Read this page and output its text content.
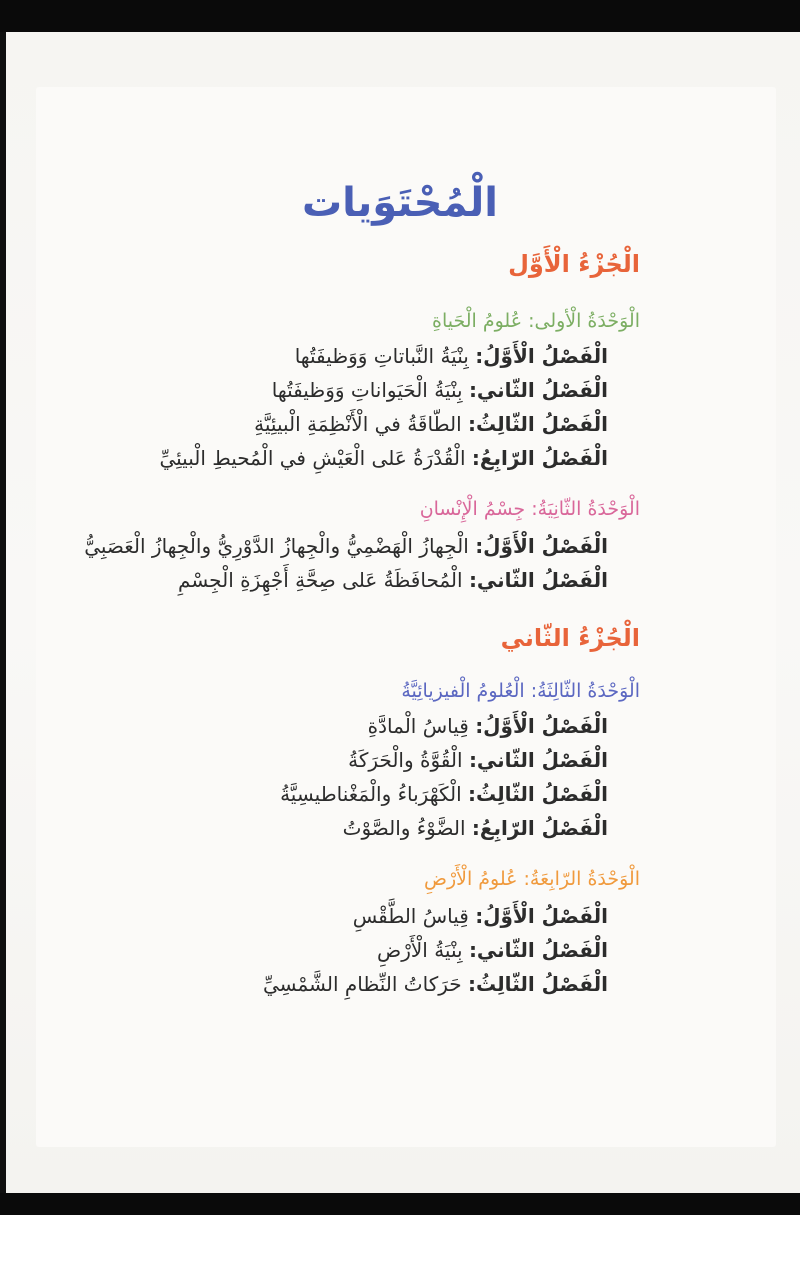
الْمُحْتَوَيات
الْجُزْءُ الْأَوَّل
الْوَحْدَةُ الْأولى: عُلومُ الْحَياةِ
الْفَصْلُ الْأَوَّلُ: بِنْيَةُ النَّباتاتِ وَوَظيفَتُها
الْفَصْلُ الثّاني: بِنْيَةُ الْحَيَواناتِ وَوَظيفَتُها
الْفَصْلُ الثّالِثُ: الطّاقَةُ في الْأَنْظِمَةِ الْبيئِيَّةِ
الْفَصْلُ الرّابِعُ: الْقُدْرَةُ عَلى الْعَيْشِ في الْمُحيطِ الْبيئِيِّ
الْوَحْدَةُ الثّانِيَةُ: جِسْمُ الْإِنْسانِ
الْفَصْلُ الْأَوَّلُ: الْجِهازُ الْهَضْمِيُّ والْجِهازُ الدَّوْرِيُّ والْجِهازُ الْعَصَبِيُّ
الْفَصْلُ الثّاني: الْمُحافَظَةُ عَلى صِحَّةِ أَجْهِزَةِ الْجِسْمِ
الْجُزْءُ الثّاني
الْوَحْدَةُ الثّالِثَةُ: الْعُلومُ الْفيزيائِيَّةُ
الْفَصْلُ الْأَوَّلُ: قِياسُ الْمادَّةِ
الْفَصْلُ الثّاني: الْقُوَّةُ والْحَرَكَةُ
الْفَصْلُ الثّالِثُ: الْكَهْرَباءُ والْمَغْناطيسِيَّةُ
الْفَصْلُ الرّابِعُ: الضَّوْءُ والصَّوْتُ
الْوَحْدَةُ الرّابِعَةُ: عُلومُ الْأَرْضِ
الْفَصْلُ الْأَوَّلُ: قِياسُ الطَّقْسِ
الْفَصْلُ الثّاني: بِنْيَةُ الْأَرْضِ
الْفَصْلُ الثّالِثُ: حَرَكاتُ النِّظامِ الشَّمْسِيِّ
